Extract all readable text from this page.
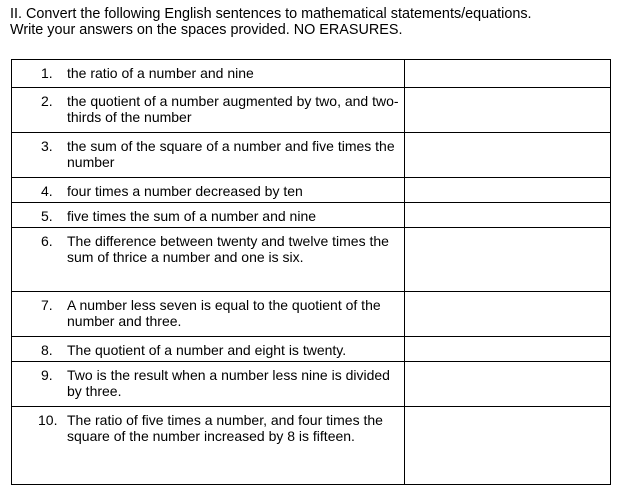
II. Convert the following English sentences to mathematical statements/equations.
Write your answers on the spaces provided. NO ERASURES.
1. the ratio of a number and nine	

2. the quotient of a number augmented by two, and two-thirds of the number	

3. the sum of the square of a number and five times the number	

4. four times a number decreased by ten	

5. five times the sum of a number and nine	

6. The difference between twenty and twelve times the sum of thrice a number and one is six.	

7. A number less seven is equal to the quotient of the number and three.	

8. The quotient of a number and eight is twenty.	

9. Two is the result when a number less nine is divided by three.	

10. The ratio of five times a number, and four times the square of the number increased by 8 is fifteen.	
